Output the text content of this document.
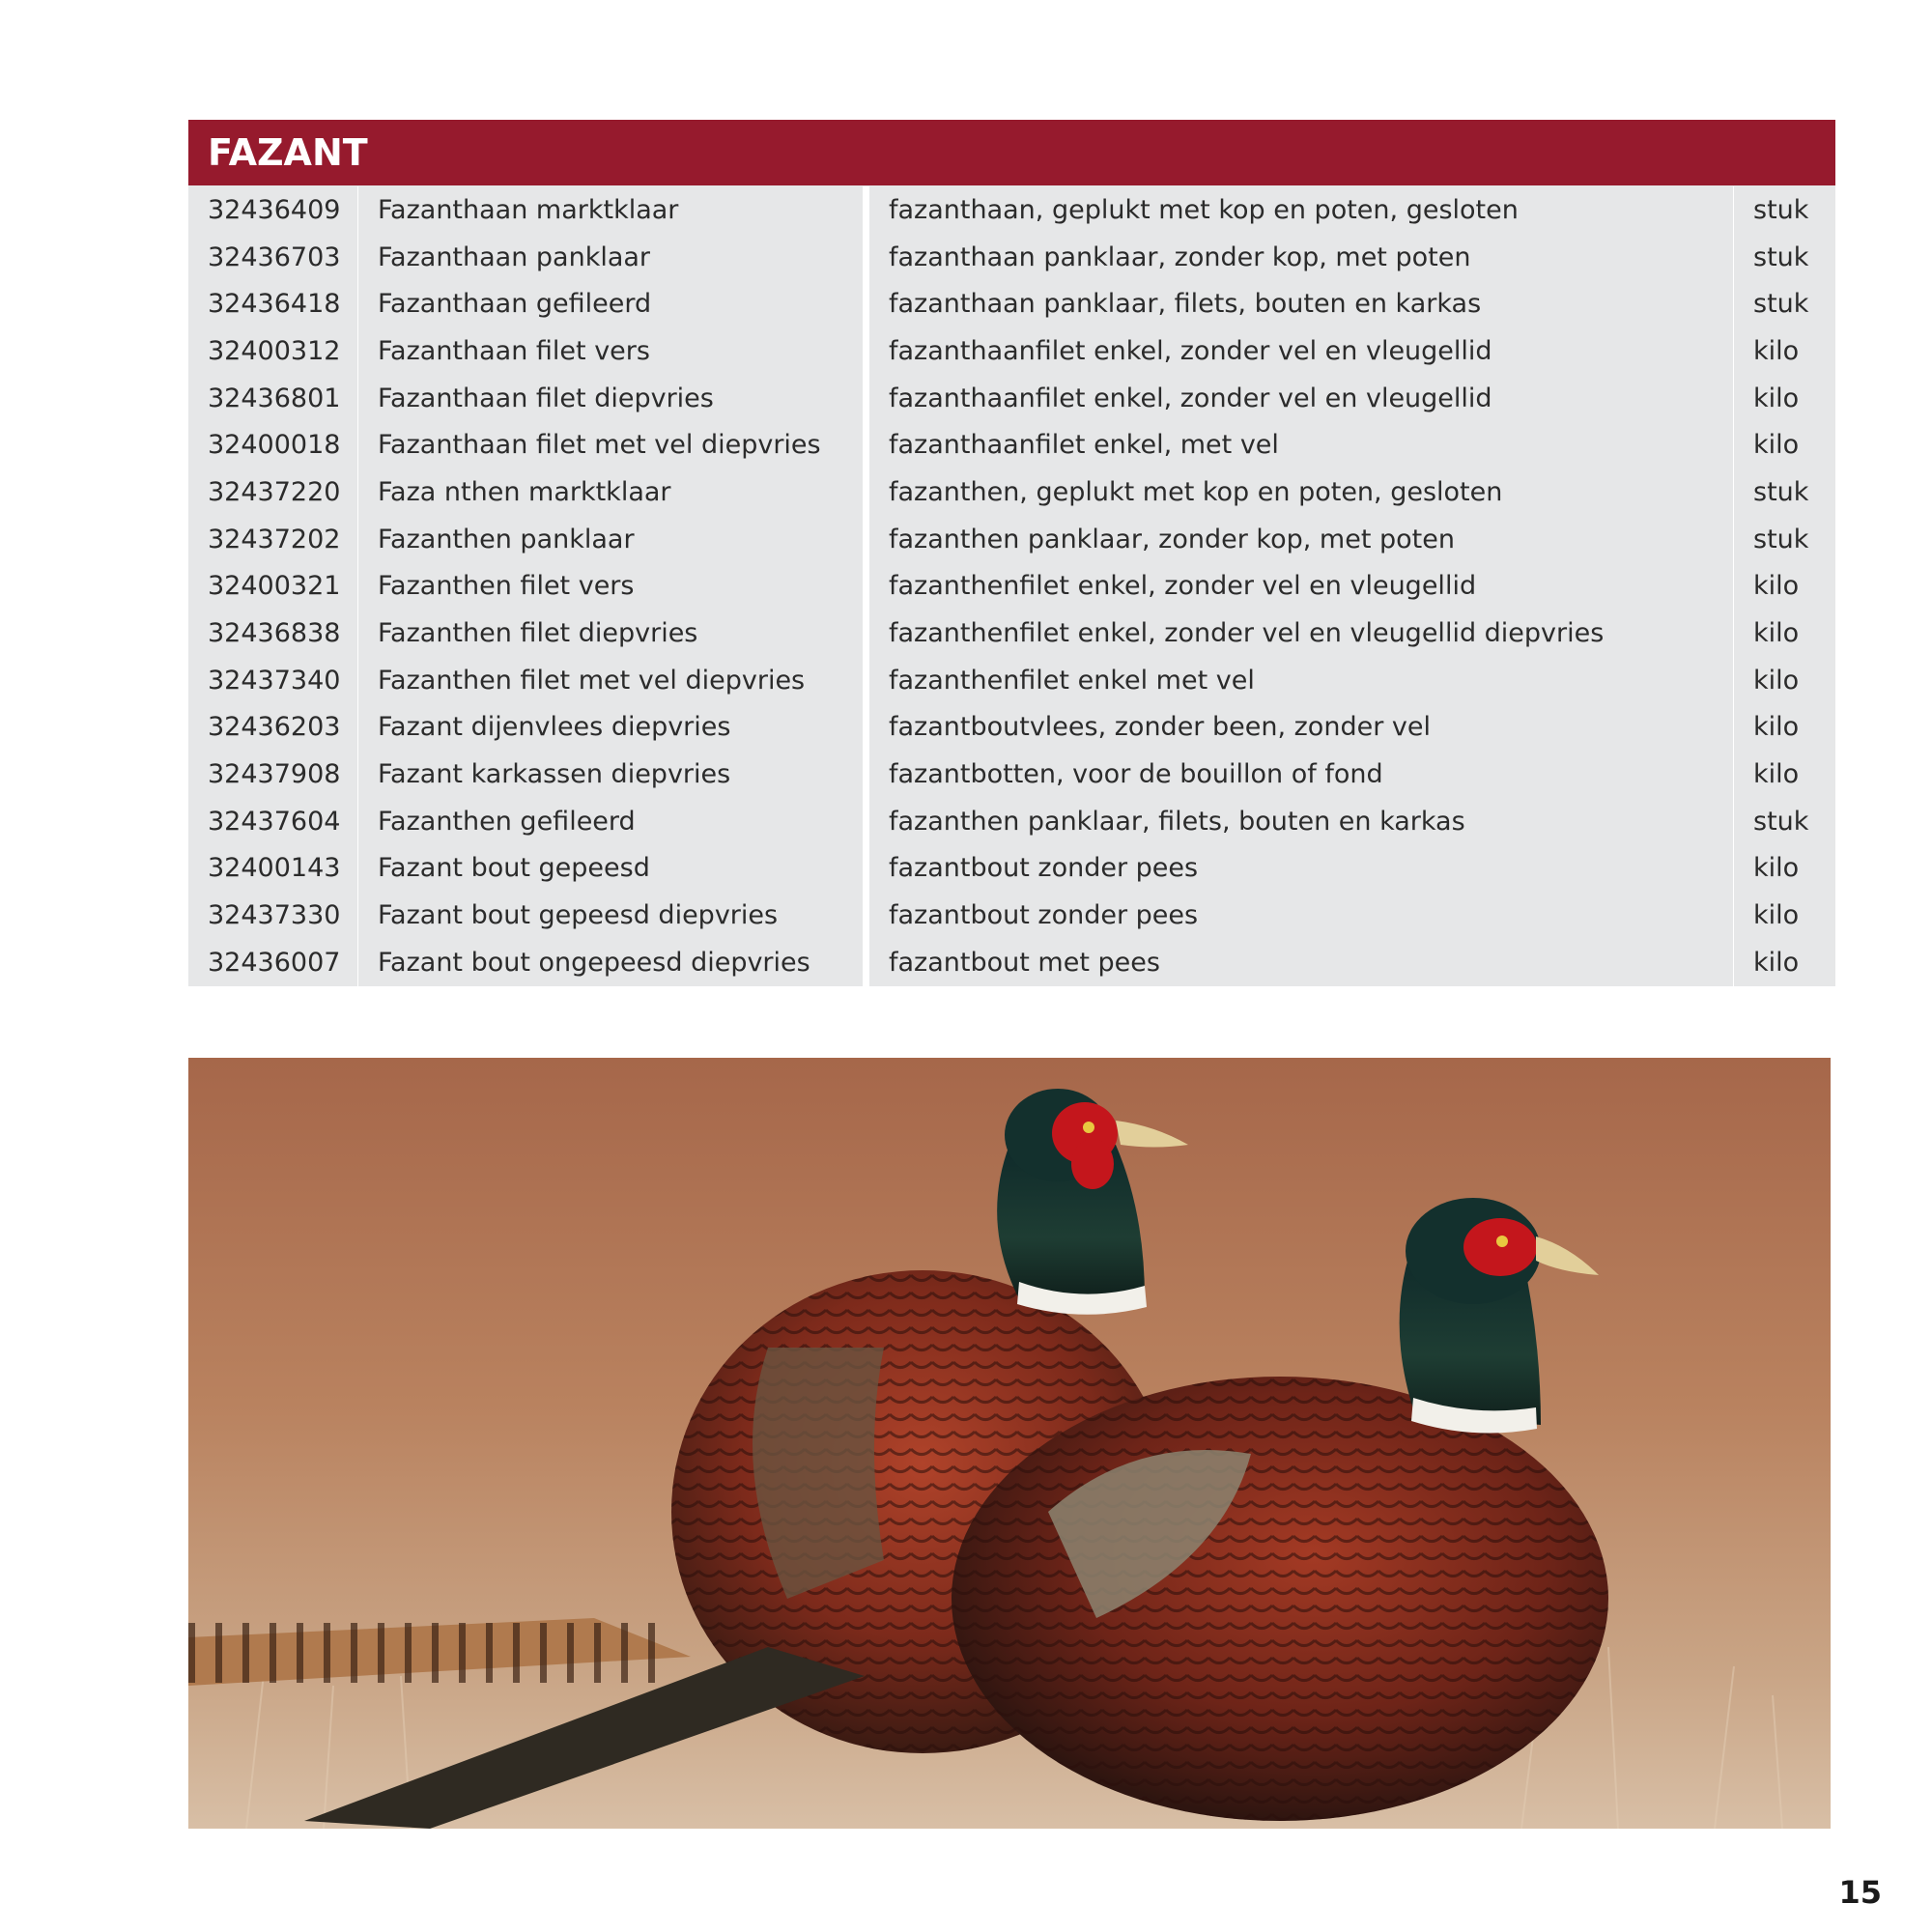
FAZANT
32436409	Fazanthaan marktklaar	fazanthaan, geplukt met kop en poten, gesloten	stuk
32436703	Fazanthaan panklaar	fazanthaan panklaar, zonder kop, met poten	stuk
32436418	Fazanthaan gefileerd	fazanthaan panklaar, filets, bouten en karkas	stuk
32400312	Fazanthaan filet vers	fazanthaanfilet enkel, zonder vel en vleugellid	kilo
32436801	Fazanthaan filet diepvries	fazanthaanfilet enkel, zonder vel en vleugellid	kilo
32400018	Fazanthaan filet met vel diepvries	fazanthaanfilet enkel, met vel	kilo
32437220	Faza nthen marktklaar	fazanthen, geplukt met kop en poten, gesloten	stuk
32437202	Fazanthen panklaar	fazanthen panklaar, zonder kop, met poten	stuk
32400321	Fazanthen filet vers	fazanthenfilet enkel, zonder vel en vleugellid	kilo
32436838	Fazanthen filet diepvries	fazanthenfilet enkel, zonder vel en vleugellid diepvries	kilo
32437340	Fazanthen filet met vel diepvries	fazanthenfilet enkel met vel	kilo
32436203	Fazant dijenvlees diepvries	fazantboutvlees, zonder been, zonder vel	kilo
32437908	Fazant karkassen diepvries	fazantbotten, voor de bouillon of fond	kilo
32437604	Fazanthen gefileerd	fazanthen panklaar, filets, bouten en karkas	stuk
32400143	Fazant bout gepeesd	fazantbout zonder pees	kilo
32437330	Fazant bout gepeesd diepvries	fazantbout zonder pees	kilo
32436007	Fazant bout ongepeesd diepvries	fazantbout met pees	kilo
15
